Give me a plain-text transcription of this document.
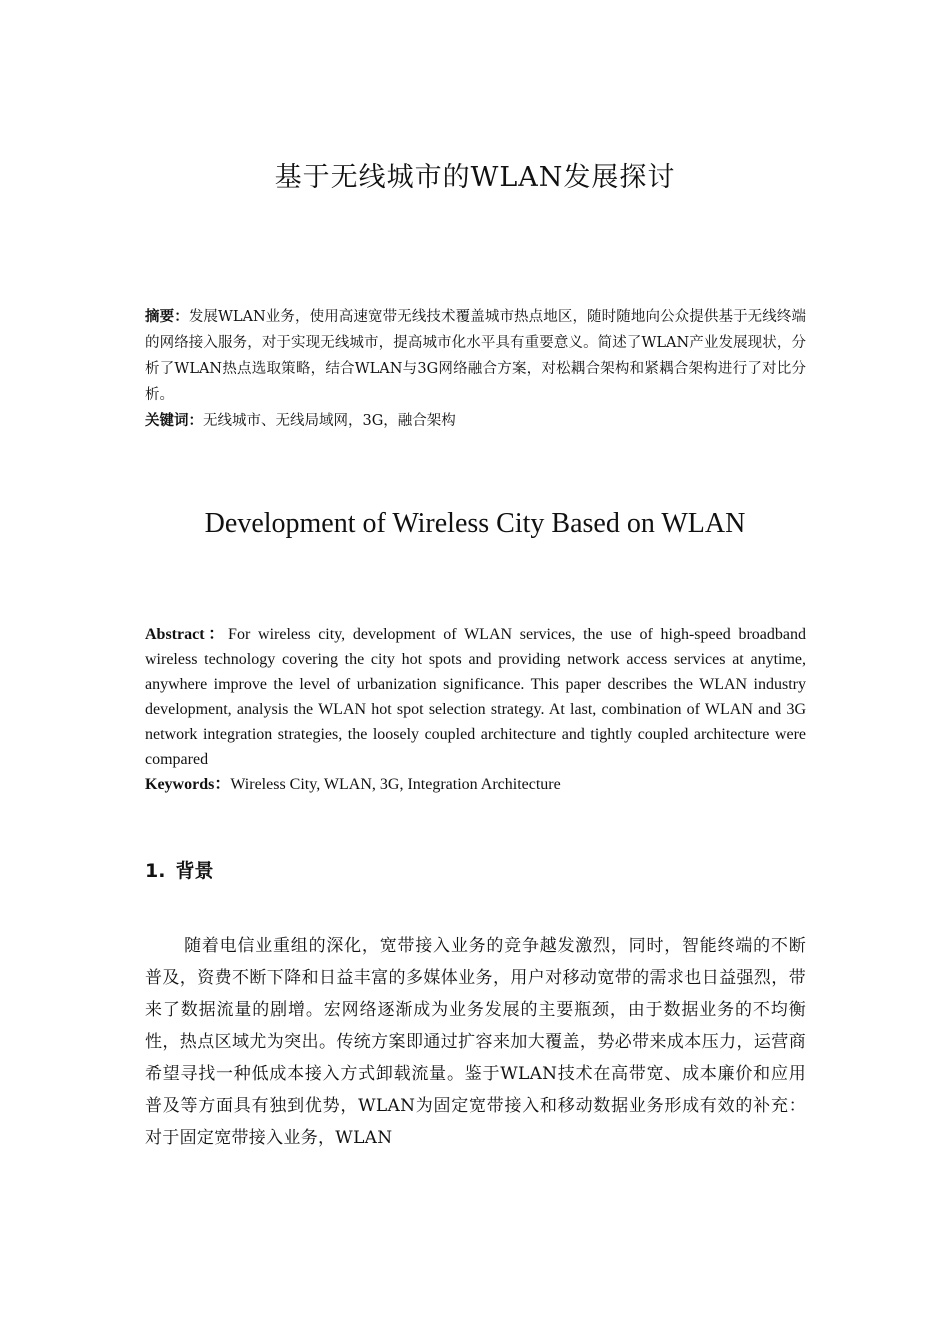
基于无线城市的WLAN发展探讨
摘要：发展WLAN业务，使用高速宽带无线技术覆盖城市热点地区，随时随地向公众提供基于无线终端的网络接入服务，对于实现无线城市，提高城市化水平具有重要意义。简述了WLAN产业发展现状，分析了WLAN热点选取策略，结合WLAN与3G网络融合方案，对松耦合架构和紧耦合架构进行了对比分析。
关键词：无线城市、无线局域网，3G，融合架构
Development of Wireless City Based on WLAN
Abstract：For wireless city, development of WLAN services, the use of high-speed broadband wireless technology covering the city hot spots and providing network access services at anytime, anywhere improve the level of urbanization significance. This paper describes the WLAN industry development, analysis the WLAN hot spot selection strategy. At last, combination of WLAN and 3G network integration strategies, the loosely coupled architecture and tightly coupled architecture were compared
Keywords：Wireless City, WLAN, 3G, Integration Architecture
1. 背景
随着电信业重组的深化，宽带接入业务的竞争越发激烈，同时，智能终端的不断普及，资费不断下降和日益丰富的多媒体业务，用户对移动宽带的需求也日益强烈，带来了数据流量的剧增。宏网络逐渐成为业务发展的主要瓶颈，由于数据业务的不均衡性，热点区域尤为突出。传统方案即通过扩容来加大覆盖，势必带来成本压力，运营商希望寻找一种低成本接入方式卸载流量。鉴于WLAN技术在高带宽、成本廉价和应用普及等方面具有独到优势，WLAN为固定宽带接入和移动数据业务形成有效的补充：对于固定宽带接入业务，WLAN
